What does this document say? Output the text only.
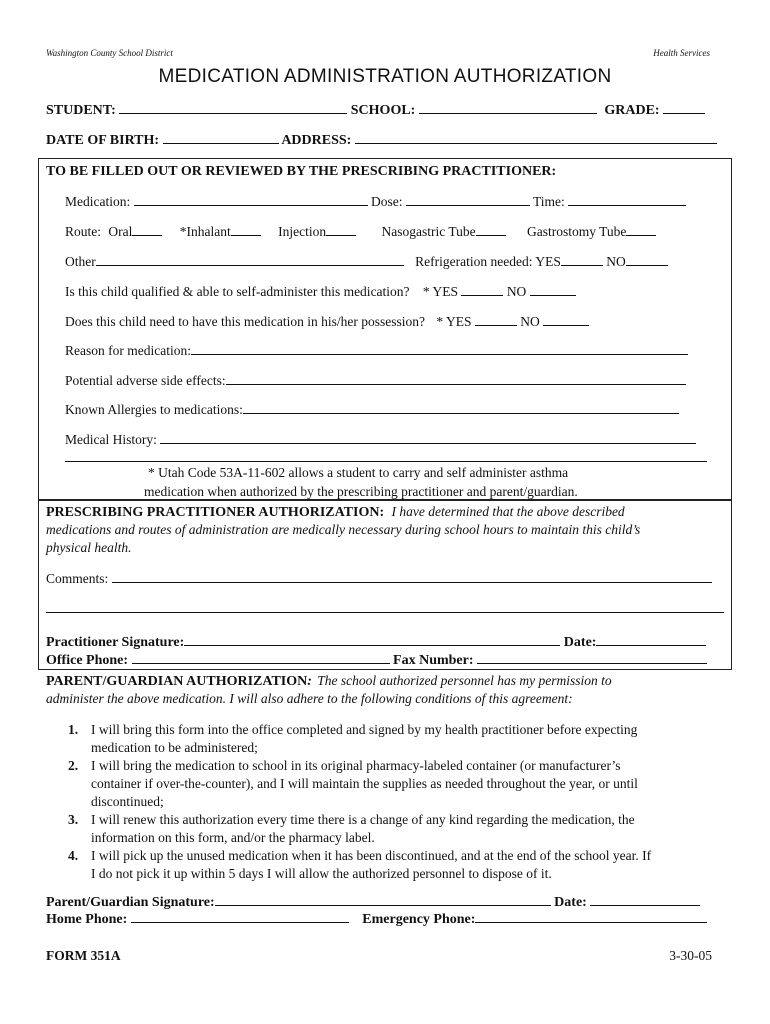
Washington County School District	Health Services
MEDICATION ADMINISTRATION AUTHORIZATION
STUDENT:	SCHOOL:	GRADE:
DATE OF BIRTH:	ADDRESS:
TO BE FILLED OUT OR REVIEWED BY THE PRESCRIBING PRACTITIONER:
Medication:	Dose:	Time:
Route: Oral	*Inhalant	Injection	Nasogastric Tube	Gastrostomy Tube
Other	Refrigeration needed: YES	NO
Is this child qualified & able to self-administer this medication? * YES	NO
Does this child need to have this medication in his/her possession? * YES	NO
Reason for medication:
Potential adverse side effects:
Known Allergies to medications:
Medical History:
* Utah Code 53A-11-602 allows a student to carry and self administer asthma
medication when authorized by the prescribing practitioner and parent/guardian.
PRESCRIBING PRACTITIONER AUTHORIZATION: I have determined that the above described
medications and routes of administration are medically necessary during school hours to maintain this child’s
physical health.
Comments:
Practitioner Signature:	Date:
Office Phone:	Fax Number:
PARENT/GUARDIAN AUTHORIZATION: The school authorized personnel has my permission to
administer the above medication. I will also adhere to the following conditions of this agreement:
1. I will bring this form into the office completed and signed by my health practitioner before expecting
medication to be administered;
2. I will bring the medication to school in its original pharmacy-labeled container (or manufacturer’s
container if over-the-counter), and I will maintain the supplies as needed throughout the year, or until
discontinued;
3. I will renew this authorization every time there is a change of any kind regarding the medication, the
information on this form, and/or the pharmacy label.
4. I will pick up the unused medication when it has been discontinued, and at the end of the school year. If
I do not pick it up within 5 days I will allow the authorized personnel to dispose of it.
Parent/Guardian Signature:	Date:
Home Phone:	Emergency Phone:
FORM 351A	3-30-05
